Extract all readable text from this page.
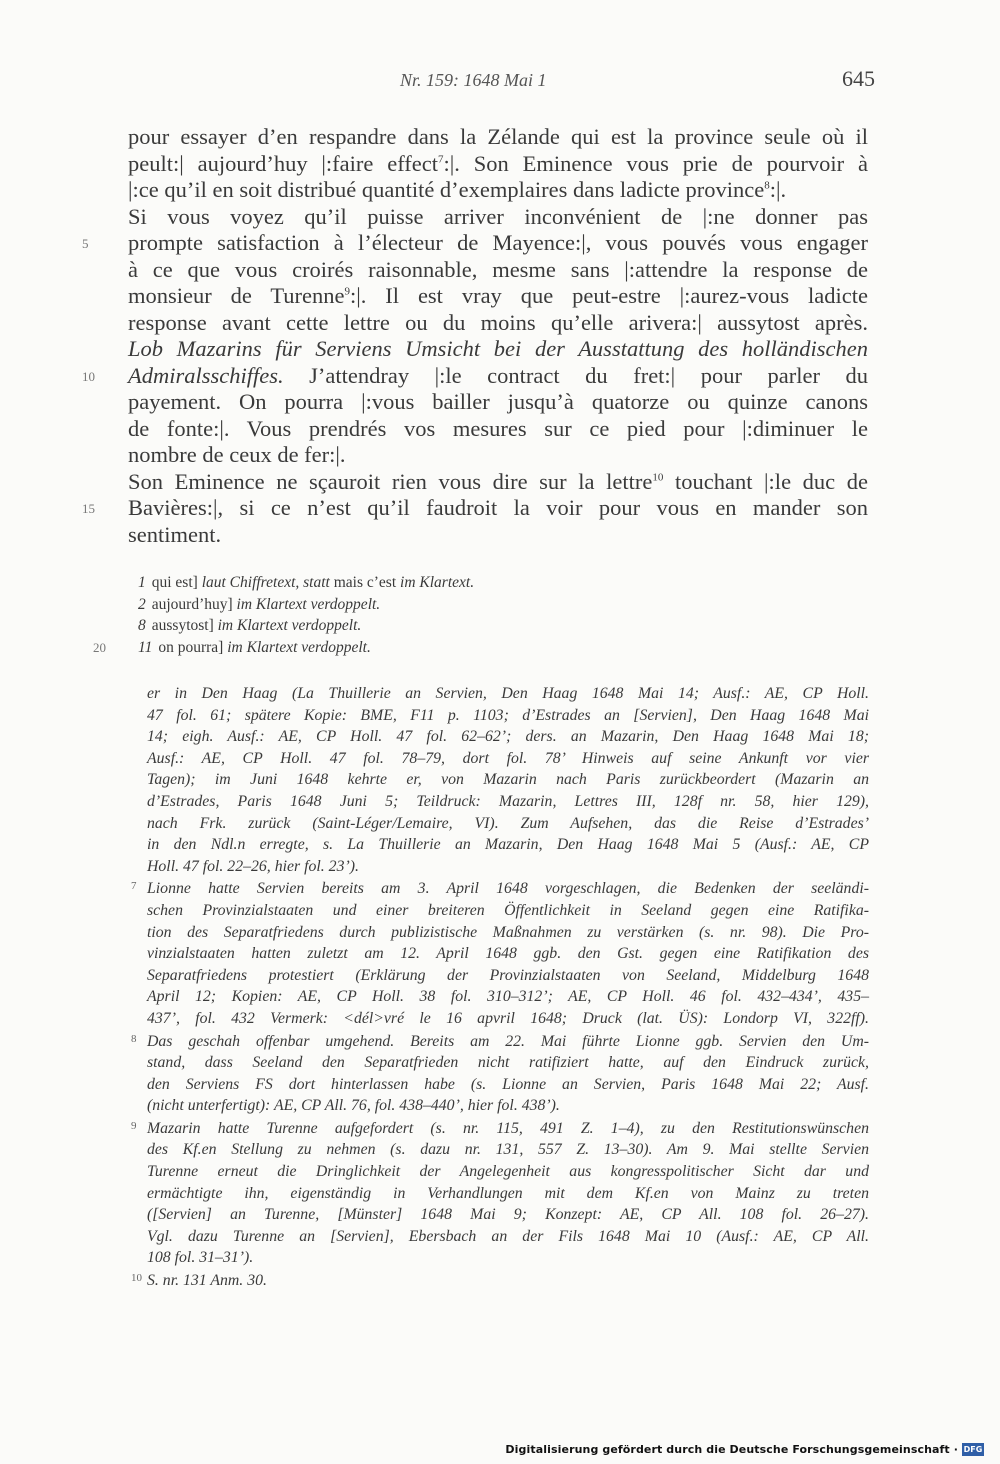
Nr. 159: 1648 Mai 1	645
pour essayer d’en respandre dans la Zélande qui est la province seule où il
peult:| aujourd’huy |:faire effect$^7$:|. Son Eminence vous prie de pourvoir à
|:ce qu’il en soit distribué quantité d’exemplaires dans ladicte province$^8$:|.
Si vous voyez qu’il puisse arriver inconvénient de |:ne donner pas
5	prompte satisfaction à l’électeur de Mayence:|, vous pouvés vous engager
à ce que vous croirés raisonnable, mesme sans |:attendre la response de
monsieur de Turenne$^9$:|. Il est vray que peut-estre |:aurez-vous ladicte
response avant cette lettre ou du moins qu’elle arivera:| aussytost après.
Lob Mazarins für Serviens Umsicht bei der Ausstattung des holländischen
10	Admiralsschiffes. J’attendray |:le contract du fret:| pour parler du
payement. On pourra |:vous bailler jusqu’à quatorze ou quinze canons
de fonte:|. Vous prendrés vos mesures sur ce pied pour |:diminuer le
nombre de ceux de fer:|.
Son Eminence ne sçauroit rien vous dire sur la lettre$^{10}$ touchant |:le duc de
15	Bavières:|, si ce n’est qu’il faudroit la voir pour vous en mander son
sentiment.
1 qui est] laut Chiffretext, statt mais c’est im Klartext.
2 aujourd’huy] im Klartext verdoppelt.
8 aussytost] im Klartext verdoppelt.
20 11 on pourra] im Klartext verdoppelt.
er in Den Haag (La Thuillerie an Servien, Den Haag 1648 Mai 14; Ausf.: AE, CP Holl.
47 fol. 61; spätere Kopie: BME, F11 p. 1103; d’Estrades an [Servien], Den Haag 1648 Mai
14; eigh. Ausf.: AE, CP Holl. 47 fol. 62–62’; ders. an Mazarin, Den Haag 1648 Mai 18;
Ausf.: AE, CP Holl. 47 fol. 78–79, dort fol. 78’ Hinweis auf seine Ankunft vor vier
Tagen); im Juni 1648 kehrte er, von Mazarin nach Paris zurückbeordert (Mazarin an
d’Estrades, Paris 1648 Juni 5; Teildruck: Mazarin, Lettres III, 128f nr. 58, hier 129),
nach Frk. zurück (Saint-Léger/Lemaire, VI). Zum Aufsehen, das die Reise d’Estrades’
in den Ndl.n erregte, s. La Thuillerie an Mazarin, Den Haag 1648 Mai 5 (Ausf.: AE, CP
Holl. 47 fol. 22–26, hier fol. 23’).
7 Lionne hatte Servien bereits am 3. April 1648 vorgeschlagen, die Bedenken der seeländi-
schen Provinzialstaaten und einer breiteren Öffentlichkeit in Seeland gegen eine Ratifika-
tion des Separatfriedens durch publizistische Maßnahmen zu verstärken (s. nr. 98). Die Pro-
vinzialstaaten hatten zuletzt am 12. April 1648 ggb. den Gst. gegen eine Ratifikation des
Separatfriedens protestiert (Erklärung der Provinzialstaaten von Seeland, Middelburg 1648
April 12; Kopien: AE, CP Holl. 38 fol. 310–312’; AE, CP Holl. 46 fol. 432–434’, 435–
437’, fol. 432 Vermerk: <dél>vré le 16 apvril 1648; Druck (lat. ÜS): Londorp VI, 322ff).
8 Das geschah offenbar umgehend. Bereits am 22. Mai führte Lionne ggb. Servien den Um-
stand, dass Seeland den Separatfrieden nicht ratifiziert hatte, auf den Eindruck zurück,
den Serviens FS dort hinterlassen habe (s. Lionne an Servien, Paris 1648 Mai 22; Ausf.
(nicht unterfertigt): AE, CP All. 76, fol. 438–440’, hier fol. 438’).
9 Mazarin hatte Turenne aufgefordert (s. nr. 115, 491 Z. 1–4), zu den Restitutionswünschen
des Kf.en Stellung zu nehmen (s. dazu nr. 131, 557 Z. 13–30). Am 9. Mai stellte Servien
Turenne erneut die Dringlichkeit der Angelegenheit aus kongresspolitischer Sicht dar und
ermächtigte ihn, eigenständig in Verhandlungen mit dem Kf.en von Mainz zu treten
([Servien] an Turenne, [Münster] 1648 Mai 9; Konzept: AE, CP All. 108 fol. 26–27).
Vgl. dazu Turenne an [Servien], Ebersbach an der Fils 1648 Mai 10 (Ausf.: AE, CP All.
108 fol. 31–31’).
10 S. nr. 131 Anm. 30.
Digitalisierung gefördert durch die Deutsche Forschungsgemeinschaft · DFG
